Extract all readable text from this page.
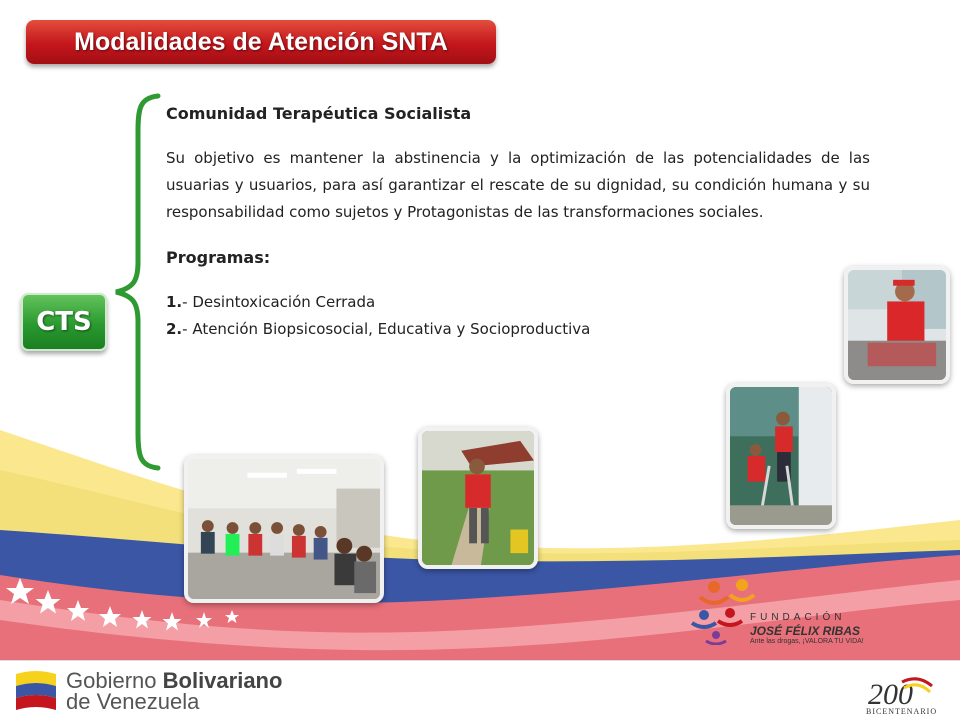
Modalidades de Atención SNTA
CTS

Comunidad Terapéutica Socialista

Su objetivo es mantener la abstinencia y la optimización de las potencialidades de las usuarias y usuarios, para así garantizar el rescate de su dignidad, su condición humana y su responsabilidad como sujetos y Protagonistas de las transformaciones sociales.

Programas:

1.- Desintoxicación Cerrada

2.- Atención Biopsicosocial, Educativa y Socioproductiva

FUNDACIÓN
JOSÉ FÉLIX RIBAS
Ante las drogas, ¡VALORA TU VIDA!
Gobierno Bolivariano
de Venezuela	200
BICENTENARIO
